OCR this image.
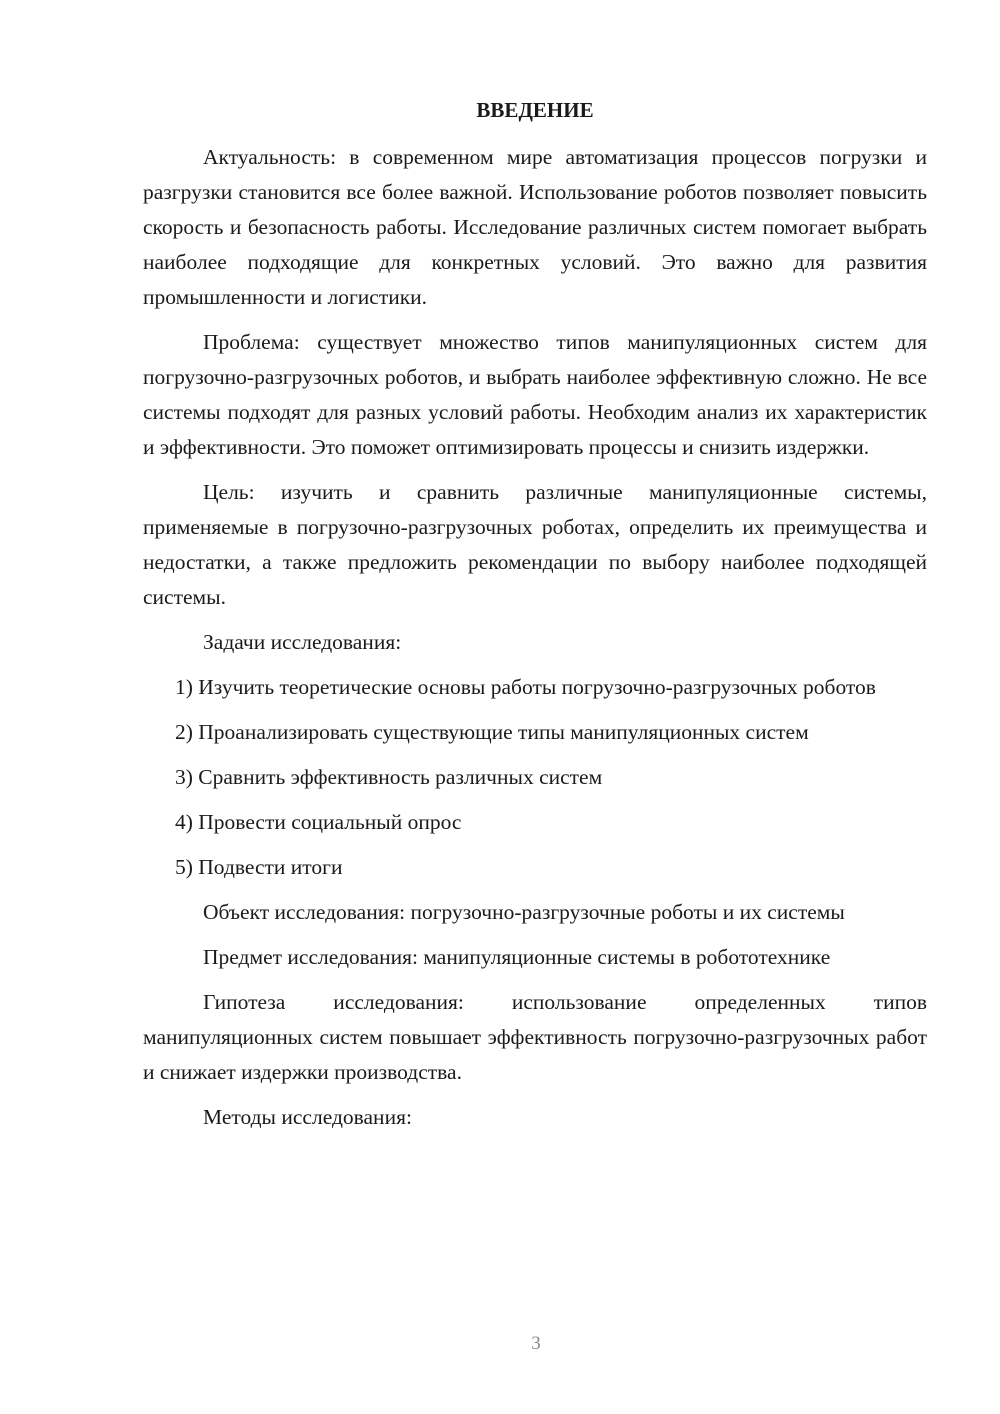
ВВЕДЕНИЕ

Актуальность: в современном мире автоматизация процессов погрузки и разгрузки становится все более важной. Использование роботов позволяет повысить скорость и безопасность работы. Исследование различных систем помогает выбрать наиболее подходящие для конкретных условий. Это важно для развития промышленности и логистики.

Проблема: существует множество типов манипуляционных систем для погрузочно-разгрузочных роботов, и выбрать наиболее эффективную сложно. Не все системы подходят для разных условий работы. Необходим анализ их характеристик и эффективности. Это поможет оптимизировать процессы и снизить издержки.

Цель: изучить и сравнить различные манипуляционные системы, применяемые в погрузочно-разгрузочных роботах, определить их преимущества и недостатки, а также предложить рекомендации по выбору наиболее подходящей системы.

Задачи исследования:

1) Изучить теоретические основы работы погрузочно-разгрузочных роботов

2) Проанализировать существующие типы манипуляционных систем

3) Сравнить эффективность различных систем

4) Провести социальный опрос

5) Подвести итоги

Объект исследования: погрузочно-разгрузочные роботы и их системы

Предмет исследования: манипуляционные системы в робототехнике

Гипотеза исследования: использование определенных типов манипуляционных систем повышает эффективность погрузочно-разгрузочных работ и снижает издержки производства.

Методы исследования:

3
